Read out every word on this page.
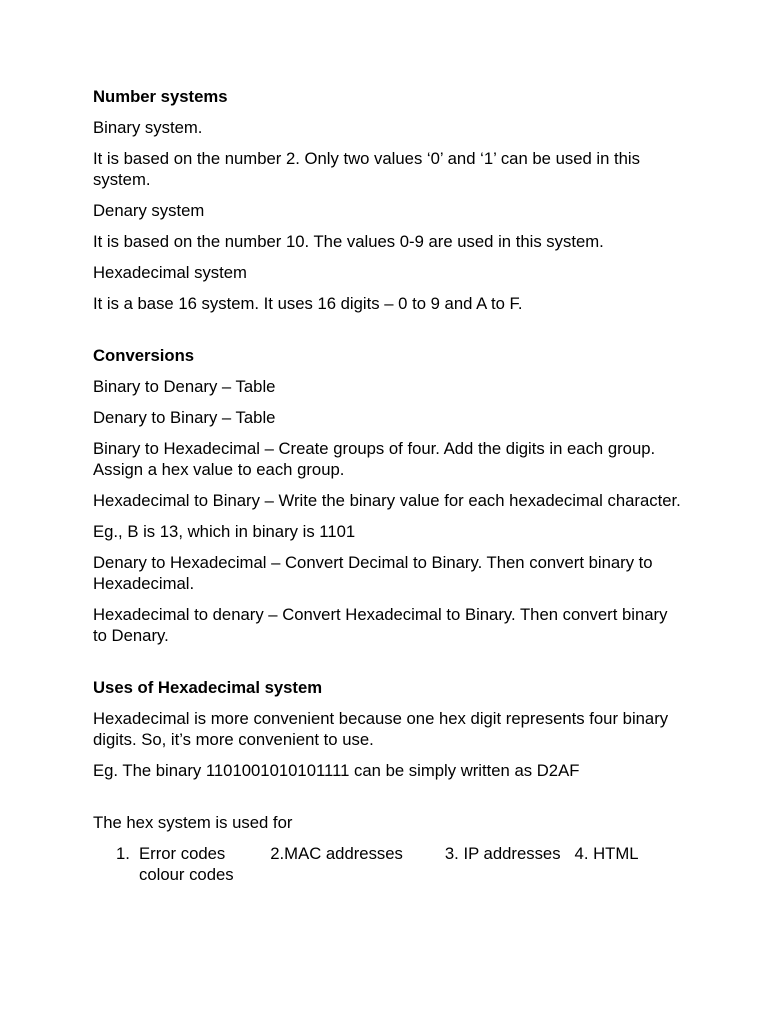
Number systems

Binary system.

It is based on the number 2. Only two values ‘0’ and ‘1’ can be used in this system.

Denary system

It is based on the number 10. The values 0-9 are used in this system.

Hexadecimal system

It is a base 16 system. It uses 16 digits – 0 to 9 and A to F.

Conversions

Binary to Denary – Table

Denary to Binary – Table

Binary to Hexadecimal – Create groups of four. Add the digits in each group. Assign a hex value to each group.

Hexadecimal to Binary – Write the binary value for each hexadecimal character.

Eg., B is 13, which in binary is 1101

Denary to Hexadecimal – Convert Decimal to Binary. Then convert binary to Hexadecimal.

Hexadecimal to denary – Convert Hexadecimal to Binary. Then convert binary to Denary.

Uses of Hexadecimal system

Hexadecimal is more convenient because one hex digit represents four binary digits. So, it’s more convenient to use.

Eg. The binary 1101001010101111 can be simply written as D2AF

The hex system is used for

1. Error codes	2.MAC addresses	3. IP addresses 4. HTML colour codes
